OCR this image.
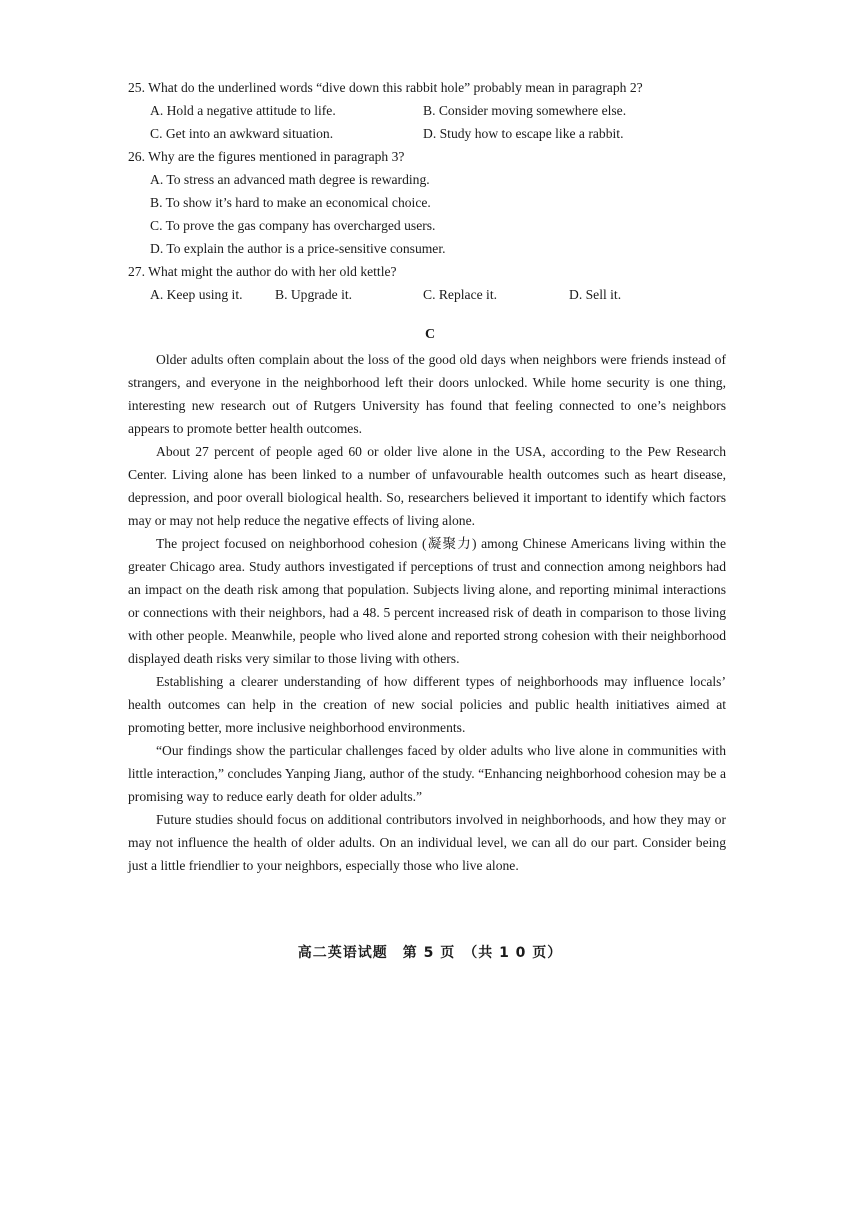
25. What do the underlined words “dive down this rabbit hole” probably mean in paragraph 2?
A. Hold a negative attitude to life.	B. Consider moving somewhere else.
C. Get into an awkward situation.	D. Study how to escape like a rabbit.
26. Why are the figures mentioned in paragraph 3?
A. To stress an advanced math degree is rewarding.
B. To show it’s hard to make an economical choice.
C. To prove the gas company has overcharged users.
D. To explain the author is a price-sensitive consumer.
27. What might the author do with her old kettle?
A. Keep using it. B. Upgrade it.	C. Replace it.	D. Sell it.
C

Older adults often complain about the loss of the good old days when neighbors were friends instead of strangers, and everyone in the neighborhood left their doors unlocked. While home security is one thing, interesting new research out of Rutgers University has found that feeling connected to one’s neighbors appears to promote better health outcomes.

About 27 percent of people aged 60 or older live alone in the USA, according to the Pew Research Center. Living alone has been linked to a number of unfavourable health outcomes such as heart disease, depression, and poor overall biological health. So, researchers believed it important to identify which factors may or may not help reduce the negative effects of living alone.

The project focused on neighborhood cohesion (凝聚力) among Chinese Americans living within the greater Chicago area. Study authors investigated if perceptions of trust and connection among neighbors had an impact on the death risk among that population. Subjects living alone, and reporting minimal interactions or connections with their neighbors, had a 48. 5 percent increased risk of death in comparison to those living with other people. Meanwhile, people who lived alone and reported strong cohesion with their neighborhood displayed death risks very similar to those living with others.

Establishing a clearer understanding of how different types of neighborhoods may influence locals’ health outcomes can help in the creation of new social policies and public health initiatives aimed at promoting better, more inclusive neighborhood environments.

“Our findings show the particular challenges faced by older adults who live alone in communities with little interaction,” concludes Yanping Jiang, author of the study. “Enhancing neighborhood cohesion may be a promising way to reduce early death for older adults.”

Future studies should focus on additional contributors involved in neighborhoods, and how they may or may not influence the health of older adults. On an individual level, we can all do our part. Consider being just a little friendlier to your neighbors, especially those who live alone.

高二英语试题　第 5 页　（共 1 0 页）
